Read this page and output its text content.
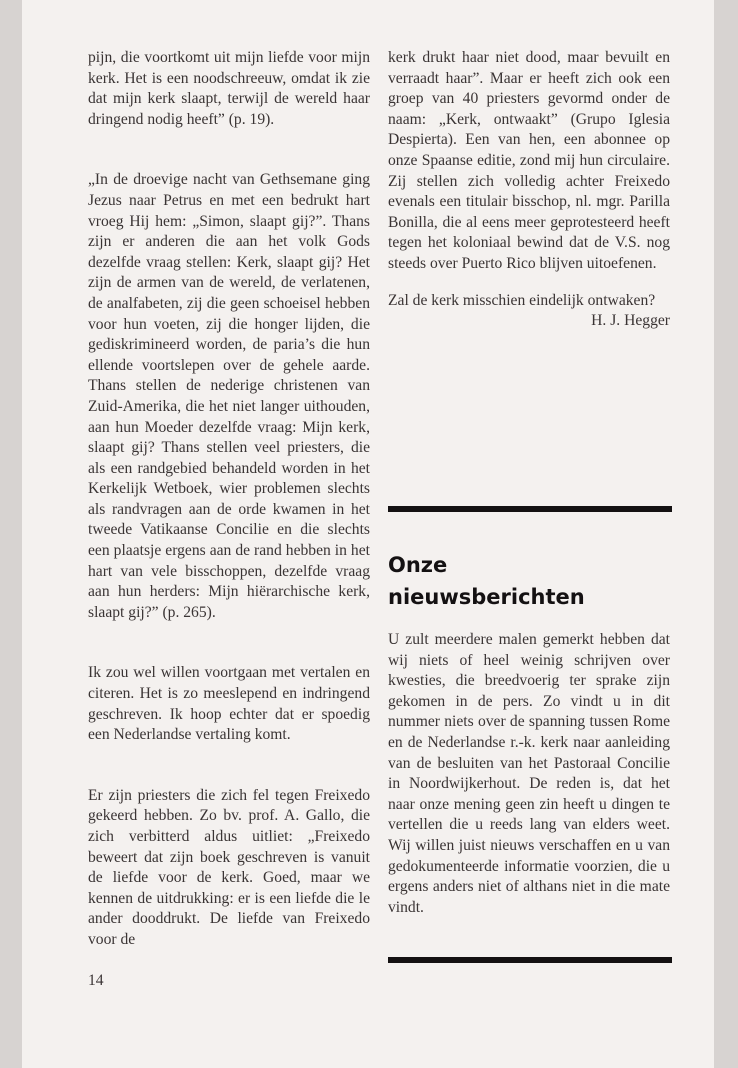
pijn, die voortkomt uit mijn liefde voor mijn kerk. Het is een noodschreeuw, omdat ik zie dat mijn kerk slaapt, terwijl de wereld haar dringend nodig heeft” (p. 19).

„In de droevige nacht van Gethsemane ging Jezus naar Petrus en met een bedrukt hart vroeg Hij hem: „Simon, slaapt gij?”. Thans zijn er anderen die aan het volk Gods dezelfde vraag stellen: Kerk, slaapt gij? Het zijn de armen van de wereld, de verlatenen, de analfabeten, zij die geen schoeisel hebben voor hun voeten, zij die honger lijden, die gediskrimineerd worden, de paria’s die hun ellende voortslepen over de gehele aarde. Thans stellen de nederige christenen van Zuid-Amerika, die het niet langer uithouden, aan hun Moeder dezelfde vraag: Mijn kerk, slaapt gij? Thans stellen veel priesters, die als een randgebied behandeld worden in het Kerkelijk Wetboek, wier problemen slechts als randvragen aan de orde kwamen in het tweede Vatikaanse Concilie en die slechts een plaatsje ergens aan de rand hebben in het hart van vele bisschoppen, dezelfde vraag aan hun herders: Mijn hiërarchische kerk, slaapt gij?” (p. 265).

Ik zou wel willen voortgaan met vertalen en citeren. Het is zo meeslepend en indringend geschreven. Ik hoop echter dat er spoedig een Nederlandse vertaling komt.

Er zijn priesters die zich fel tegen Freixedo gekeerd hebben. Zo bv. prof. A. Gallo, die zich verbitterd aldus uitliet: „Freixedo beweert dat zijn boek geschreven is vanuit de liefde voor de kerk. Goed, maar we kennen de uitdrukking: er is een liefde die le ander dooddrukt. De liefde van Freixedo voor de

14

kerk drukt haar niet dood, maar bevuilt en verraadt haar”. Maar er heeft zich ook een groep van 40 priesters gevormd onder de naam: „Kerk, ontwaakt” (Grupo Iglesia Despierta). Een van hen, een abonnee op onze Spaanse editie, zond mij hun circulaire. Zij stellen zich volledig achter Freixedo evenals een titulair bisschop, nl. mgr. Parilla Bonilla, die al eens meer geprotesteerd heeft tegen het koloniaal bewind dat de V.S. nog steeds over Puerto Rico blijven uitoefenen.

Zal de kerk misschien eindelijk ontwaken?

H. J. Hegger

Onze
nieuwsberichten

U zult meerdere malen gemerkt hebben dat wij niets of heel weinig schrijven over kwesties, die breedvoerig ter sprake zijn gekomen in de pers. Zo vindt u in dit nummer niets over de spanning tussen Rome en de Nederlandse r.-k. kerk naar aanleiding van de besluiten van het Pastoraal Concilie in Noordwijkerhout. De reden is, dat het naar onze mening geen zin heeft u dingen te vertellen die u reeds lang van elders weet. Wij willen juist nieuws verschaffen en u van gedokumenteerde informatie voorzien, die u ergens anders niet of althans niet in die mate vindt.
